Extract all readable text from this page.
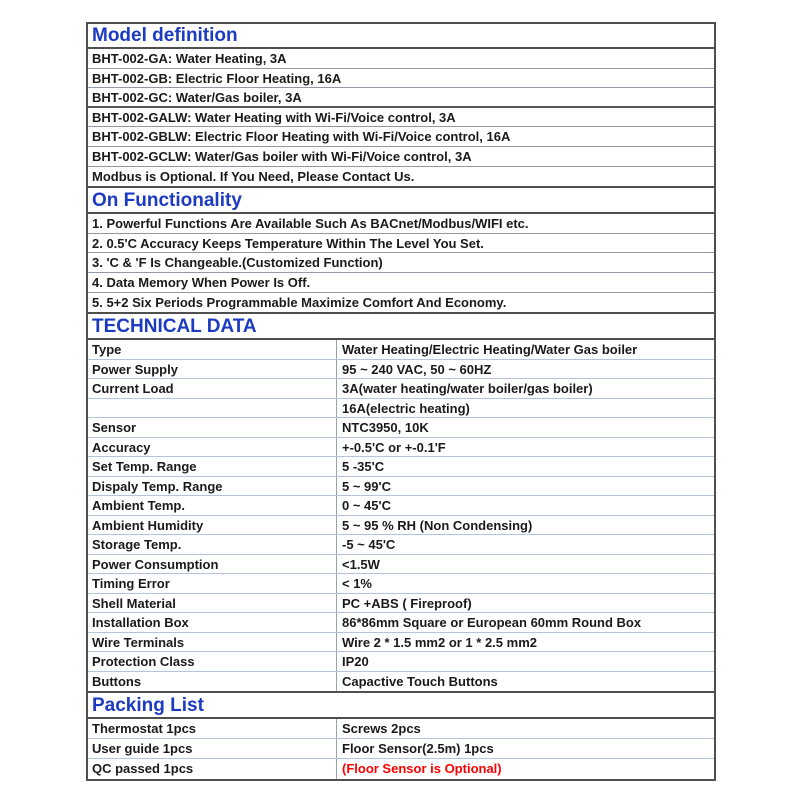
Model definition
BHT-002-GA: Water Heating, 3A
BHT-002-GB: Electric Floor Heating, 16A
BHT-002-GC: Water/Gas boiler, 3A
BHT-002-GALW: Water Heating with Wi-Fi/Voice control, 3A
BHT-002-GBLW: Electric Floor Heating with Wi-Fi/Voice control, 16A
BHT-002-GCLW: Water/Gas boiler with Wi-Fi/Voice control, 3A
Modbus is Optional. If You Need, Please Contact Us.
On Functionality
1. Powerful Functions Are Available Such As BACnet/Modbus/WIFI etc.
2. 0.5'C Accuracy Keeps Temperature Within The Level You Set.
3. 'C & 'F Is Changeable.(Customized Function)
4. Data Memory When Power Is Off.
5. 5+2 Six Periods Programmable Maximize Comfort And Economy.
TECHNICAL DATA
Type	Water Heating/Electric Heating/Water Gas boiler
Power Supply	95 ~ 240 VAC, 50 ~ 60HZ
Current Load	3A(water heating/water boiler/gas boiler)
16A(electric heating)
Sensor	NTC3950, 10K
Accuracy	+-0.5'C or +-0.1'F
Set Temp. Range	5 -35'C
Dispaly Temp. Range	5 ~ 99'C
Ambient Temp.	0 ~ 45'C
Ambient Humidity	5 ~ 95 % RH (Non Condensing)
Storage Temp.	-5 ~ 45'C
Power Consumption	<1.5W
Timing Error	< 1%
Shell Material	PC +ABS ( Fireproof)
Installation Box	86*86mm Square or European 60mm Round Box
Wire Terminals	Wire 2 * 1.5 mm2 or 1 * 2.5 mm2
Protection Class	IP20
Buttons	Capactive Touch Buttons
Packing List
Thermostat 1pcs	Screws 2pcs
User guide 1pcs	Floor Sensor(2.5m) 1pcs
QC passed 1pcs	(Floor Sensor is Optional)
